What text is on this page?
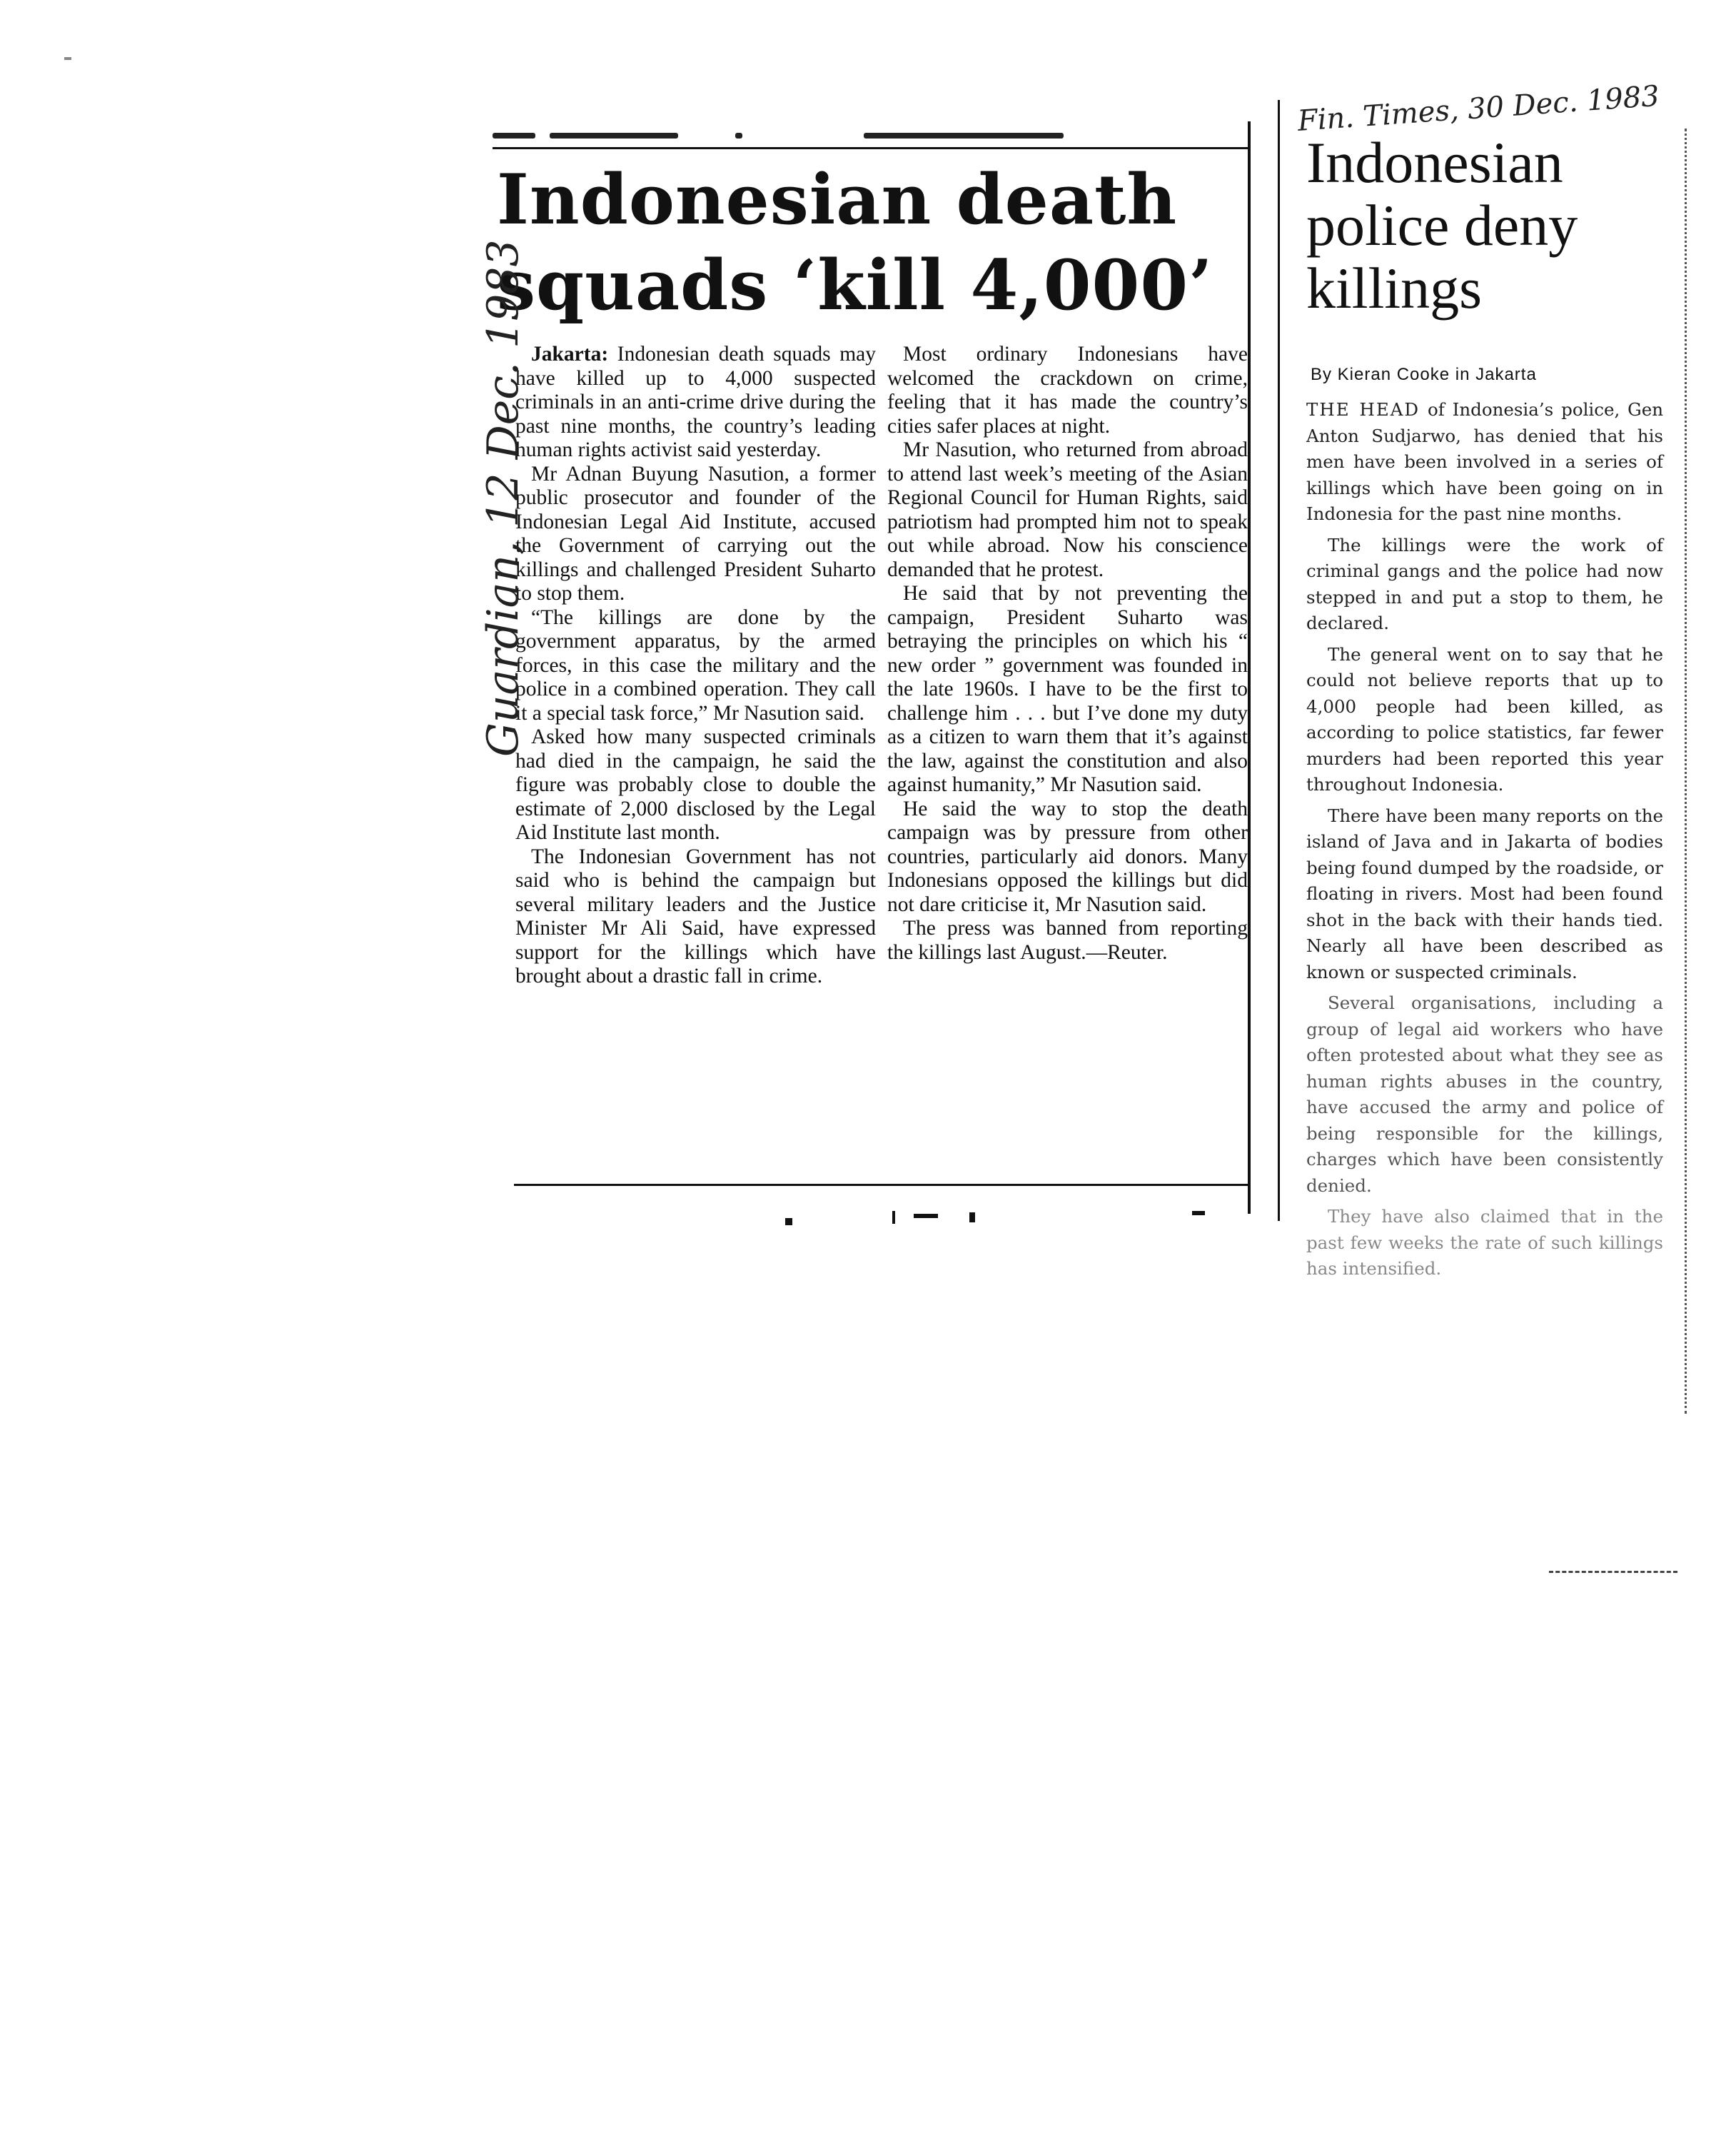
Indonesian death
squads ‘kill 4,000’

Jakarta: Indonesian death squads may have killed up to 4,000 suspected criminals in an anti-crime drive during the past nine months, the country’s leading human rights activist said yesterday.

Mr Adnan Buyung Nasution, a former public prosecutor and founder of the Indonesian Legal Aid Institute, accused the Government of carrying out the killings and challenged President Suharto to stop them.

“The killings are done by the government apparatus, by the armed forces, in this case the military and the police in a combined operation. They call it a special task force,” Mr Nasution said.

Asked how many suspected criminals had died in the campaign, he said the figure was probably close to double the estimate of 2,000 disclosed by the Legal Aid Institute last month.

The Indonesian Government has not said who is behind the campaign but several military leaders and the Justice Minister Mr Ali Said, have expressed support for the killings which have brought about a drastic fall in crime.

Most ordinary Indonesians have welcomed the crackdown on crime, feeling that it has made the country’s cities safer places at night.

Mr Nasution, who returned from abroad to attend last week’s meeting of the Asian Regional Council for Human Rights, said patriotism had prompted him not to speak out while abroad. Now his conscience demanded that he protest.

He said that by not preventing the campaign, President Suharto was betraying the principles on which his “ new order ” government was founded in the late 1960s. I have to be the first to challenge him . . . but I’ve done my duty as a citizen to warn them that it’s against the law, against the constitution and also against humanity,” Mr Nasution said.

He said the way to stop the death campaign was by pressure from other countries, particularly aid donors. Many Indonesians opposed the killings but did not dare criticise it, Mr Nasution said.

The press was banned from reporting the killings last August.—Reuter.

Guardian, 12 Dec. 1983
Fin. Times, 30 Dec. 1983
Indonesian
police deny
killings
By Kieran Cooke in Jakarta

THE HEAD of Indonesia’s police, Gen Anton Sudjarwo, has denied that his men have been involved in a series of killings which have been going on in Indonesia for the past nine months.

The killings were the work of criminal gangs and the police had now stepped in and put a stop to them, he declared.

The general went on to say that he could not believe reports that up to 4,000 people had been killed, as according to police statistics, far fewer murders had been reported this year throughout Indonesia.

There have been many reports on the island of Java and in Jakarta of bodies being found dumped by the roadside, or floating in rivers. Most had been found shot in the back with their hands tied. Nearly all have been described as known or suspected criminals.

Several organisations, including a group of legal aid workers who have often protested about what they see as human rights abuses in the country, have accused the army and police of being responsible for the killings, charges which have been consistently denied.

They have also claimed that in the past few weeks the rate of such killings has intensified.
